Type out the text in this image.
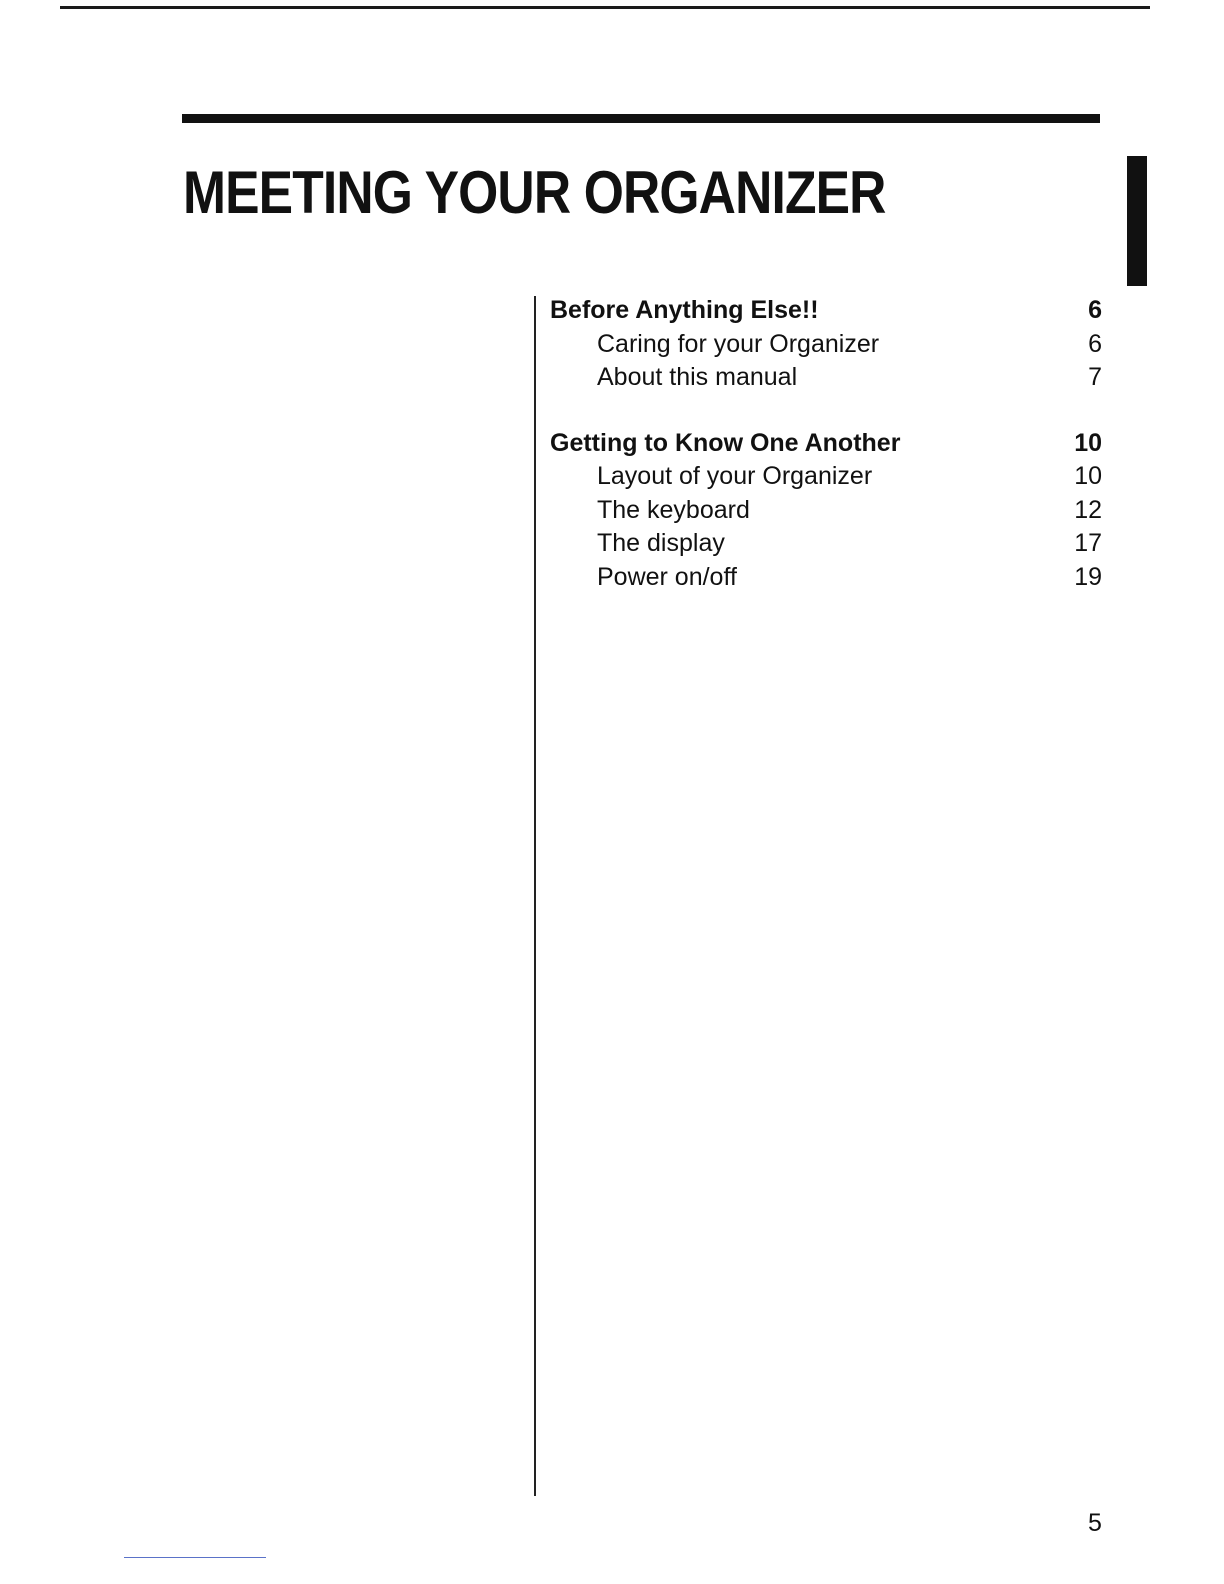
MEETING YOUR ORGANIZER
Before Anything Else!!	6
Caring for your Organizer	6
About this manual	7
Getting to Know One Another	10
Layout of your Organizer	10
The keyboard	12
The display	17
Power on/off	19
5
